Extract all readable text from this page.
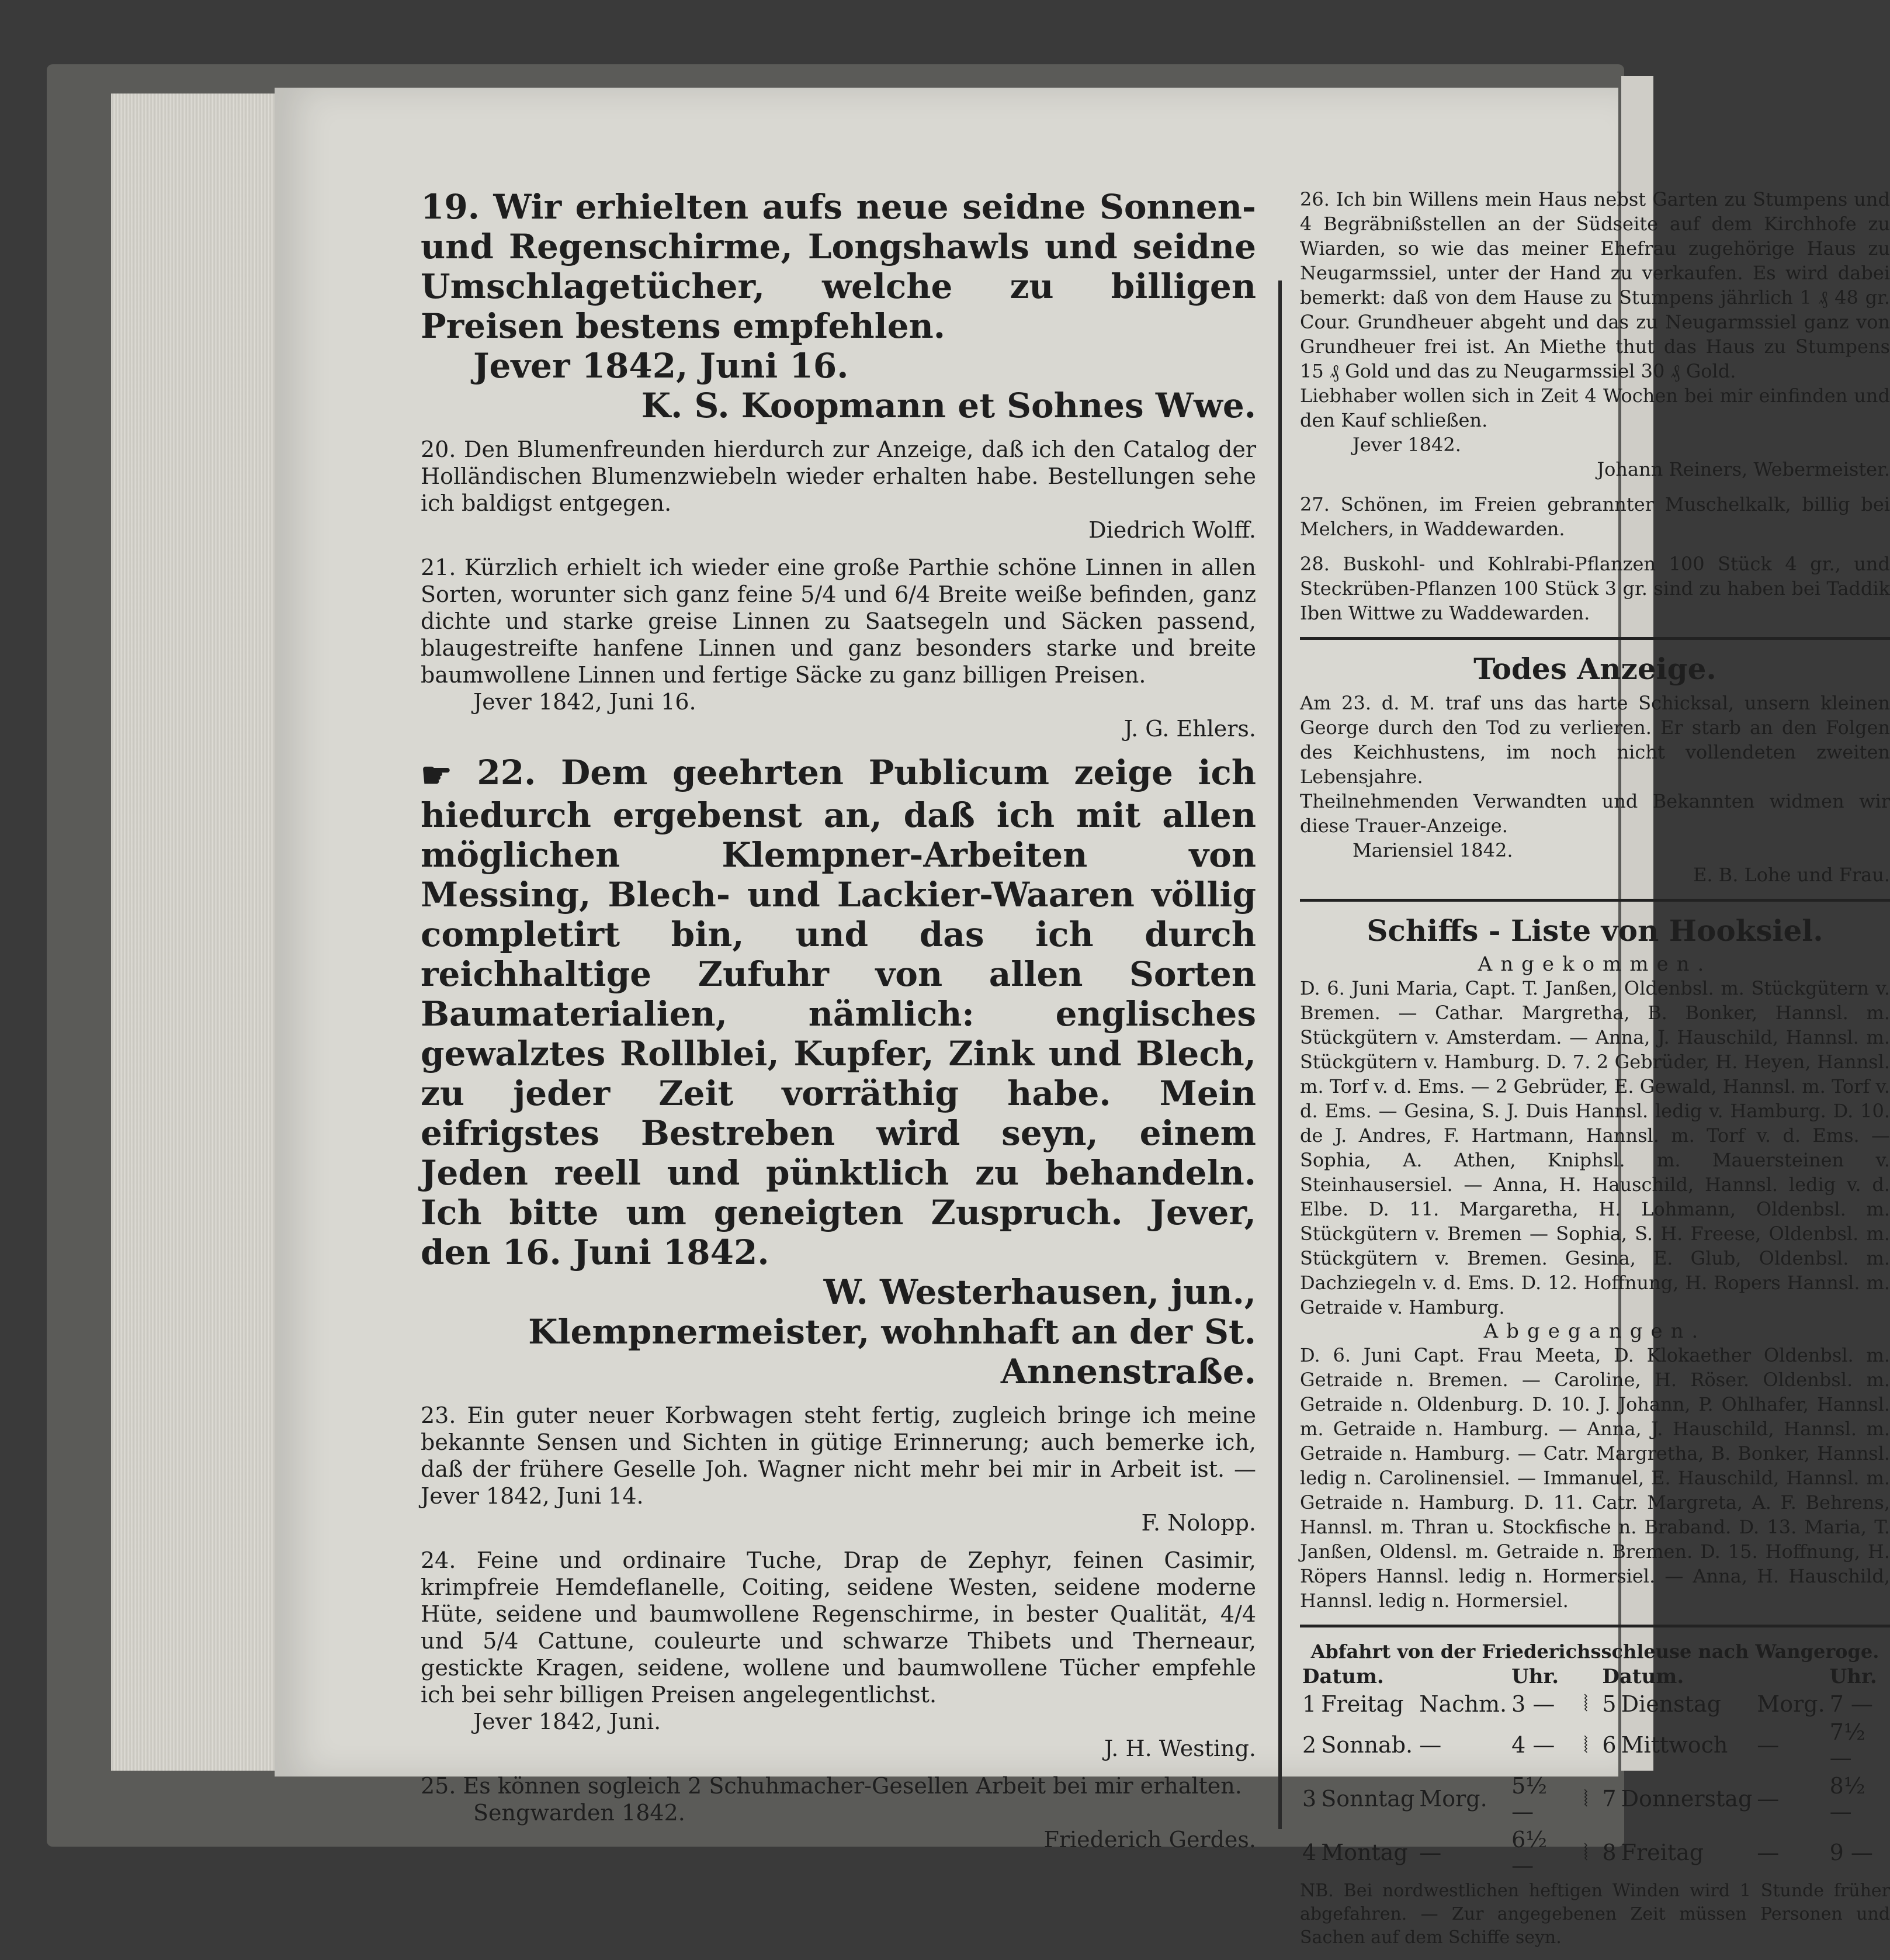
19. Wir erhielten aufs neue seidne Sonnen- und Regenschirme, Longshawls und seidne Umschlagetücher, welche zu billigen Preisen bestens empfehlen.

Jever 1842, Juni 16.

K. S. Koopmann et Sohnes Wwe.

20. Den Blumenfreunden hierdurch zur Anzeige, daß ich den Catalog der Holländischen Blumenzwiebeln wieder erhalten habe. Bestellungen sehe ich baldigst entgegen.

Diedrich Wolff.

21. Kürzlich erhielt ich wieder eine große Parthie schöne Linnen in allen Sorten, worunter sich ganz feine 5/4 und 6/4 Breite weiße befinden, ganz dichte und starke greise Linnen zu Saatsegeln und Säcken passend, blaugestreifte hanfene Linnen und ganz besonders starke und breite baumwollene Linnen und fertige Säcke zu ganz billigen Preisen.

Jever 1842, Juni 16.

J. G. Ehlers.

☛ 22. Dem geehrten Publicum zeige ich hiedurch ergebenst an, daß ich mit allen möglichen Klempner-Arbeiten von Messing, Blech- und Lackier-Waaren völlig completirt bin, und das ich durch reichhaltige Zufuhr von allen Sorten Baumaterialien, nämlich: englisches gewalztes Rollblei, Kupfer, Zink und Blech, zu jeder Zeit vorräthig habe. Mein eifrigstes Bestreben wird seyn, einem Jeden reell und pünktlich zu behandeln. Ich bitte um geneigten Zuspruch. Jever, den 16. Juni 1842.

W. Westerhausen, jun.,

Klempnermeister, wohnhaft an der St. Annenstraße.

23. Ein guter neuer Korbwagen steht fertig, zugleich bringe ich meine bekannte Sensen und Sichten in gütige Erinnerung; auch bemerke ich, daß der frühere Geselle Joh. Wagner nicht mehr bei mir in Arbeit ist. — Jever 1842, Juni 14.

F. Nolopp.

24. Feine und ordinaire Tuche, Drap de Zephyr, feinen Casimir, krimpfreie Hemdeflanelle, Coiting, seidene Westen, seidene moderne Hüte, seidene und baumwollene Regenschirme, in bester Qualität, 4/4 und 5/4 Cattune, couleurte und schwarze Thibets und Therneaur, gestickte Kragen, seidene, wollene und baumwollene Tücher empfehle ich bei sehr billigen Preisen angelegentlichst.

Jever 1842, Juni.

J. H. Westing.

25. Es können sogleich 2 Schuhmacher-Gesellen Arbeit bei mir erhalten.

Sengwarden 1842.

Friederich Gerdes.

26. Ich bin Willens mein Haus nebst Garten zu Stumpens und 4 Begräbnißstellen an der Südseite auf dem Kirchhofe zu Wiarden, so wie das meiner Ehefrau zugehörige Haus zu Neugarmssiel, unter der Hand zu verkaufen. Es wird dabei bemerkt: daß von dem Hause zu Stumpens jährlich 1 ₰ 48 gr. Cour. Grundheuer abgeht und das zu Neugarmssiel ganz von Grundheuer frei ist. An Miethe thut das Haus zu Stumpens 15 ₰ Gold und das zu Neugarmssiel 30 ₰ Gold.

Liebhaber wollen sich in Zeit 4 Wochen bei mir einfinden und den Kauf schließen.

Jever 1842.

Johann Reiners, Webermeister.

27. Schönen, im Freien gebrannter Muschelkalk, billig bei Melchers, in Waddewarden.

28. Buskohl- und Kohlrabi-Pflanzen 100 Stück 4 gr., und Steckrüben-Pflanzen 100 Stück 3 gr. sind zu haben bei Taddik Iben Wittwe zu Waddewarden.

Todes Anzeige.

Am 23. d. M. traf uns das harte Schicksal, unsern kleinen George durch den Tod zu verlieren. Er starb an den Folgen des Keichhustens, im noch nicht vollendeten zweiten Lebensjahre.

Theilnehmenden Verwandten und Bekannten widmen wir diese Trauer-Anzeige.

Mariensiel 1842.

E. B. Lohe und Frau.

Schiffs - Liste von Hooksiel.

Angekommen.

D. 6. Juni Maria, Capt. T. Janßen, Oldenbsl. m. Stückgütern v. Bremen. — Cathar. Margretha, B. Bonker, Hannsl. m. Stückgütern v. Amsterdam. — Anna, J. Hauschild, Hannsl. m. Stückgütern v. Hamburg. D. 7. 2 Gebrüder, H. Heyen, Hannsl. m. Torf v. d. Ems. — 2 Gebrüder, E. Gewald, Hannsl. m. Torf v. d. Ems. — Gesina, S. J. Duis Hannsl. ledig v. Hamburg. D. 10. de J. Andres, F. Hartmann, Hannsl. m. Torf v. d. Ems. — Sophia, A. Athen, Kniphsl. m. Mauersteinen v. Steinhausersiel. — Anna, H. Hauschild, Hannsl. ledig v. d. Elbe. D. 11. Margaretha, H. Lohmann, Oldenbsl. m. Stückgütern v. Bremen — Sophia, S. H. Freese, Oldenbsl. m. Stückgütern v. Bremen. Gesina, E. Glub, Oldenbsl. m. Dachziegeln v. d. Ems. D. 12. Hoffnung, H. Ropers Hannsl. m. Getraide v. Hamburg.

Abgegangen.

D. 6. Juni Capt. Frau Meeta, D. Klokaether Oldenbsl. m. Getraide n. Bremen. — Caroline, H. Röser. Oldenbsl. m. Getraide n. Oldenburg. D. 10. J. Johann, P. Ohlhafer, Hannsl. m. Getraide n. Hamburg. — Anna, J. Hauschild, Hannsl. m. Getraide n. Hamburg. — Catr. Margretha, B. Bonker, Hannsl. ledig n. Carolinensiel. — Immanuel, E. Hauschild, Hannsl. m. Getraide n. Hamburg. D. 11. Catr. Margreta, A. F. Behrens, Hannsl. m. Thran u. Stockfische n. Braband. D. 13. Maria, T. Janßen, Oldensl. m. Getraide n. Bremen. D. 15. Hoffnung, H. Röpers Hannsl. ledig n. Hormersiel. — Anna, H. Hauschild, Hannsl. ledig n. Hormersiel.

Abfahrt von der Friederichsschleuse nach Wangeroge.

Datum.			Uhr.		Datum.			Uhr.
1	Freitag	Nachm.	3 —	⦚	5	Dienstag	Morg.	7 —
2	Sonnab.	—	4 —	⦚	6	Mittwoch	—	7½ —
3	Sonntag	Morg.	5½ —	⦚	7	Donnerstag	—	8½ —
4	Montag	—	6½ —	⦚	8	Freitag	—	9 —

NB. Bei nordwestlichen heftigen Winden wird 1 Stunde früher abgefahren. — Zur angegebenen Zeit müssen Personen und Sachen auf dem Schiffe seyn.
